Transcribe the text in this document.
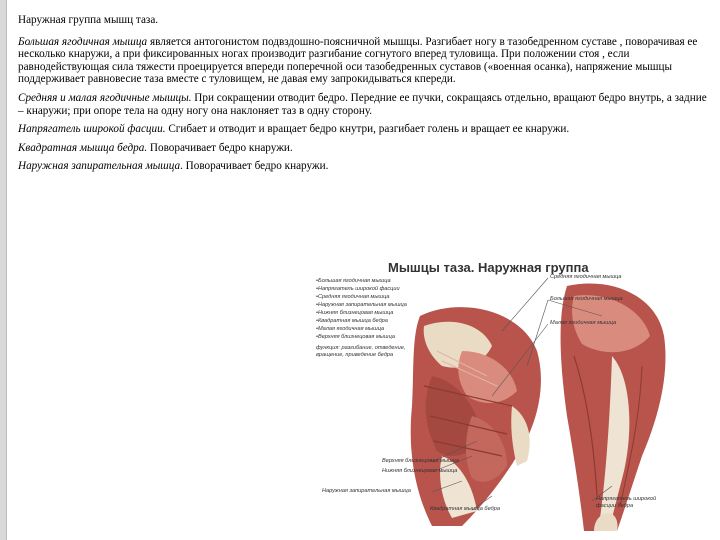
Наружная группа мышц таза.

Большая ягодичная мышца является антогонистом подвздошно-поясничной мышцы. Разгибает ногу в тазобедренном суставе , поворачивая ее несколько кнаружи, а при фиксированных ногах производит разгибание согнутого вперед туловища. При положении стоя , если равнодействующая сила тяжести проецируется впереди поперечной оси тазобедренных суставов («военная осанка), напряжение мышцы поддерживает равновесие таза вместе с туловищем, не давая ему запрокидываться кпереди.

Средняя и малая ягодичные мышцы. При сокращении отводит бедро. Передние ее пучки, сокращаясь отдельно, вращают бедро внутрь, а задние – кнаружи; при опоре тела на одну ногу она наклоняет таз в одну сторону.

Напрягатель широкой фасции. Сгибает и отводит и вращает бедро кнутри, разгибает голень и вращает ее кнаружи.

Квадратная мышца бедра. Поворачивает бедро кнаружи.

Наружная запирательная мышца. Поворачивает бедро кнаружи.

Мышцы таза. Наружная группа
•Большая ягодичная мышца
•Напрягатель широкой фасции
•Средняя ягодичная мышца
•Наружная запирательная мышца
•Нижняя близнецовая мышца
•Квадратная мышца бедра
•Малая ягодичная мышца
•Верхняя близнецовая мышца
функция: разгибание, отведение, вращение, приведение бедра
Средняя ягодичная мышца
Большая ягодичная мышца
Малая ягодичная мышца
Верхняя близнецовая мышца
Нижняя близнецовая мышца
Наружная запирательная мышца
Квадратная мышца бедра
Напрягатель широкой фасции бедра
